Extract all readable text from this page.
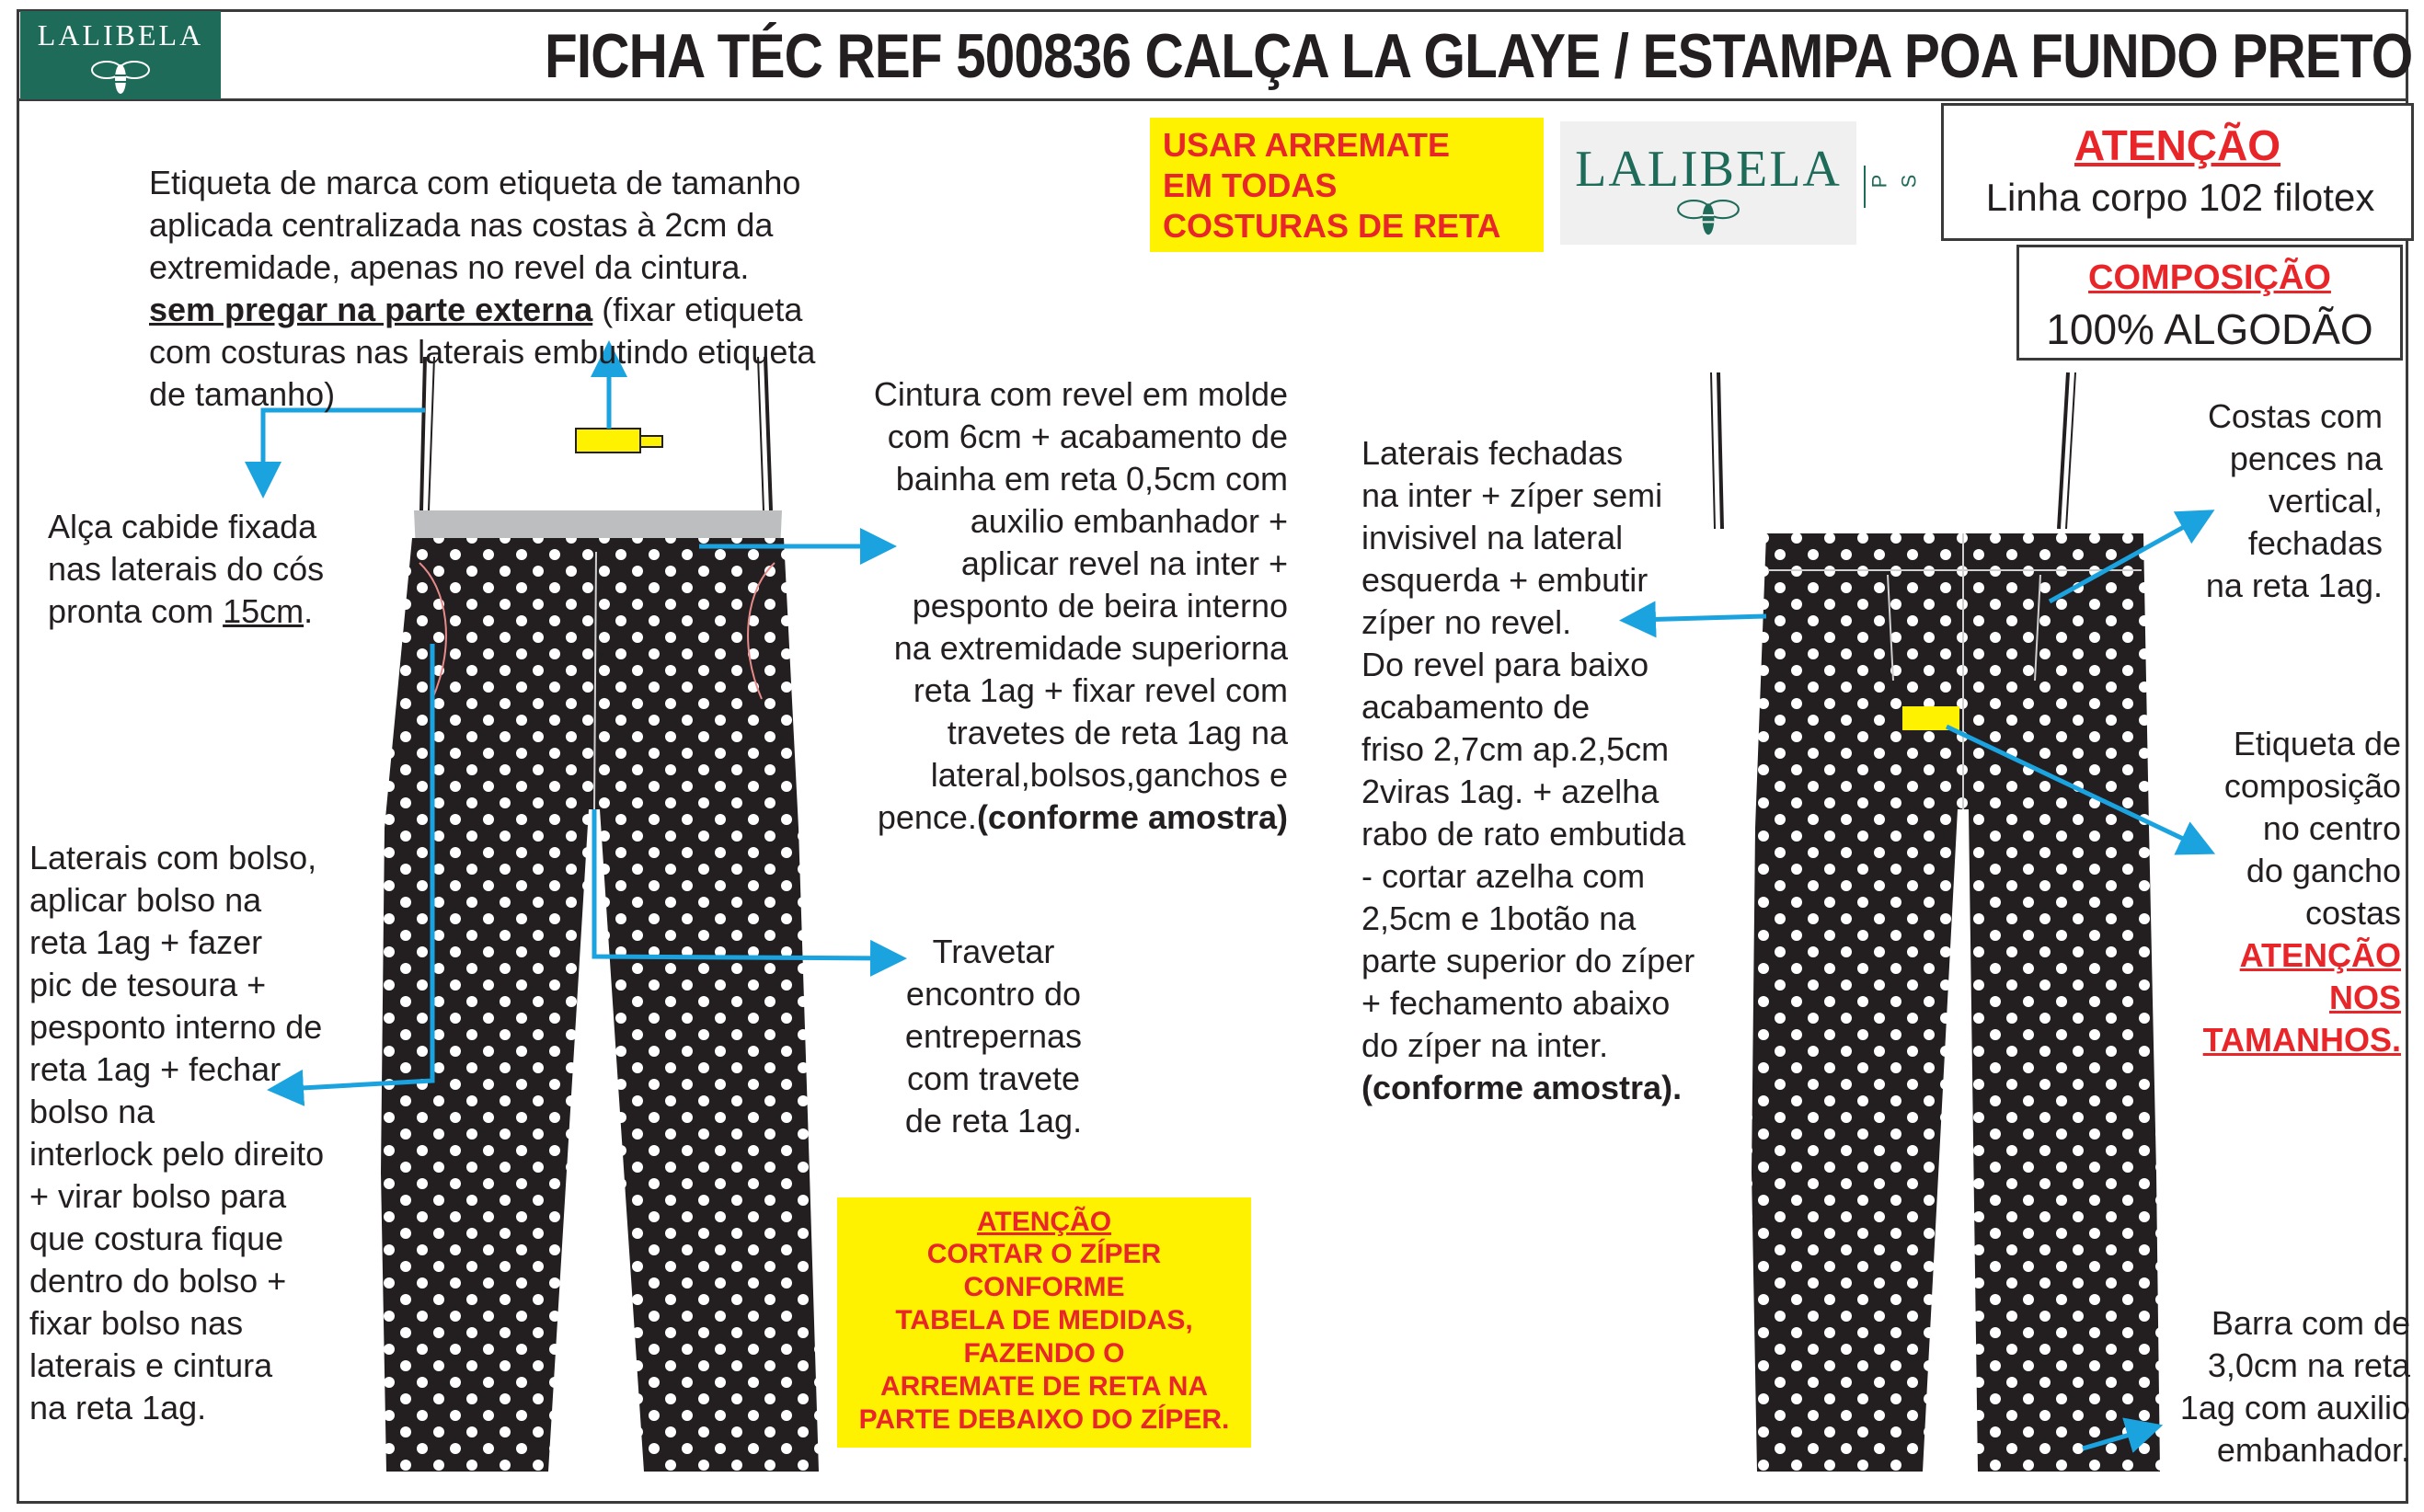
LALIBELA	FICHA TÉC REF 500836 CALÇA LA GLAYE / ESTAMPA POA FUNDO PRETO

Etiqueta de marca com etiqueta de tamanho
aplicada centralizada nas costas à 2cm da
extremidade, apenas no revel da cintura.
sem pregar na parte externa (fixar etiqueta
com costuras nas laterais embutindo etiqueta
de tamanho)

Alça cabide fixada
nas laterais do cós
pronta com 15cm.
Cintura com revel em molde
com 6cm + acabamento de
bainha em reta 0,5cm com
auxilio embanhador +
aplicar revel na inter +
pesponto de beira interno
na extremidade superiorna
reta 1ag + fixar revel com
travetes de reta 1ag na
lateral,bolsos,ganchos e
pence.(conforme amostra)
Laterais com bolso,
aplicar bolso na
reta 1ag + fazer
pic de tesoura +
pesponto interno de
reta 1ag + fechar
bolso na
interlock pelo direito
+ virar bolso para
que costura fique
dentro do bolso +
fixar bolso nas
laterais e cintura
na reta 1ag.
Travetar
encontro do
entrepernas
com travete
de reta 1ag.
Laterais fechadas
na inter + zíper semi
invisivel na lateral
esquerda + embutir
zíper no revel.
Do revel para baixo
acabamento de
friso 2,7cm ap.2,5cm
2viras 1ag. + azelha
rabo de rato embutida
- cortar azelha com
2,5cm e 1botão na
parte superior do zíper
+ fechamento abaixo
do zíper na inter.
(conforme amostra).
Costas com
pences na
vertical,
fechadas
na reta 1ag.
Etiqueta de
composição
no centro
do gancho
costas
ATENÇÃO
NOS
TAMANHOS.
Barra com de
3,0cm na reta
1ag com auxilio
embanhador.
USAR ARREMATE
EM TODAS
COSTURAS DE RETA
LALIBELA	P S
ATENÇÃO
Linha corpo 102 filotex
COMPOSIÇÃO
100% ALGODÃO
ATENÇÃO
CORTAR O ZÍPER
CONFORME
TABELA DE MEDIDAS,
FAZENDO O
ARREMATE DE RETA NA
PARTE DEBAIXO DO ZÍPER.
